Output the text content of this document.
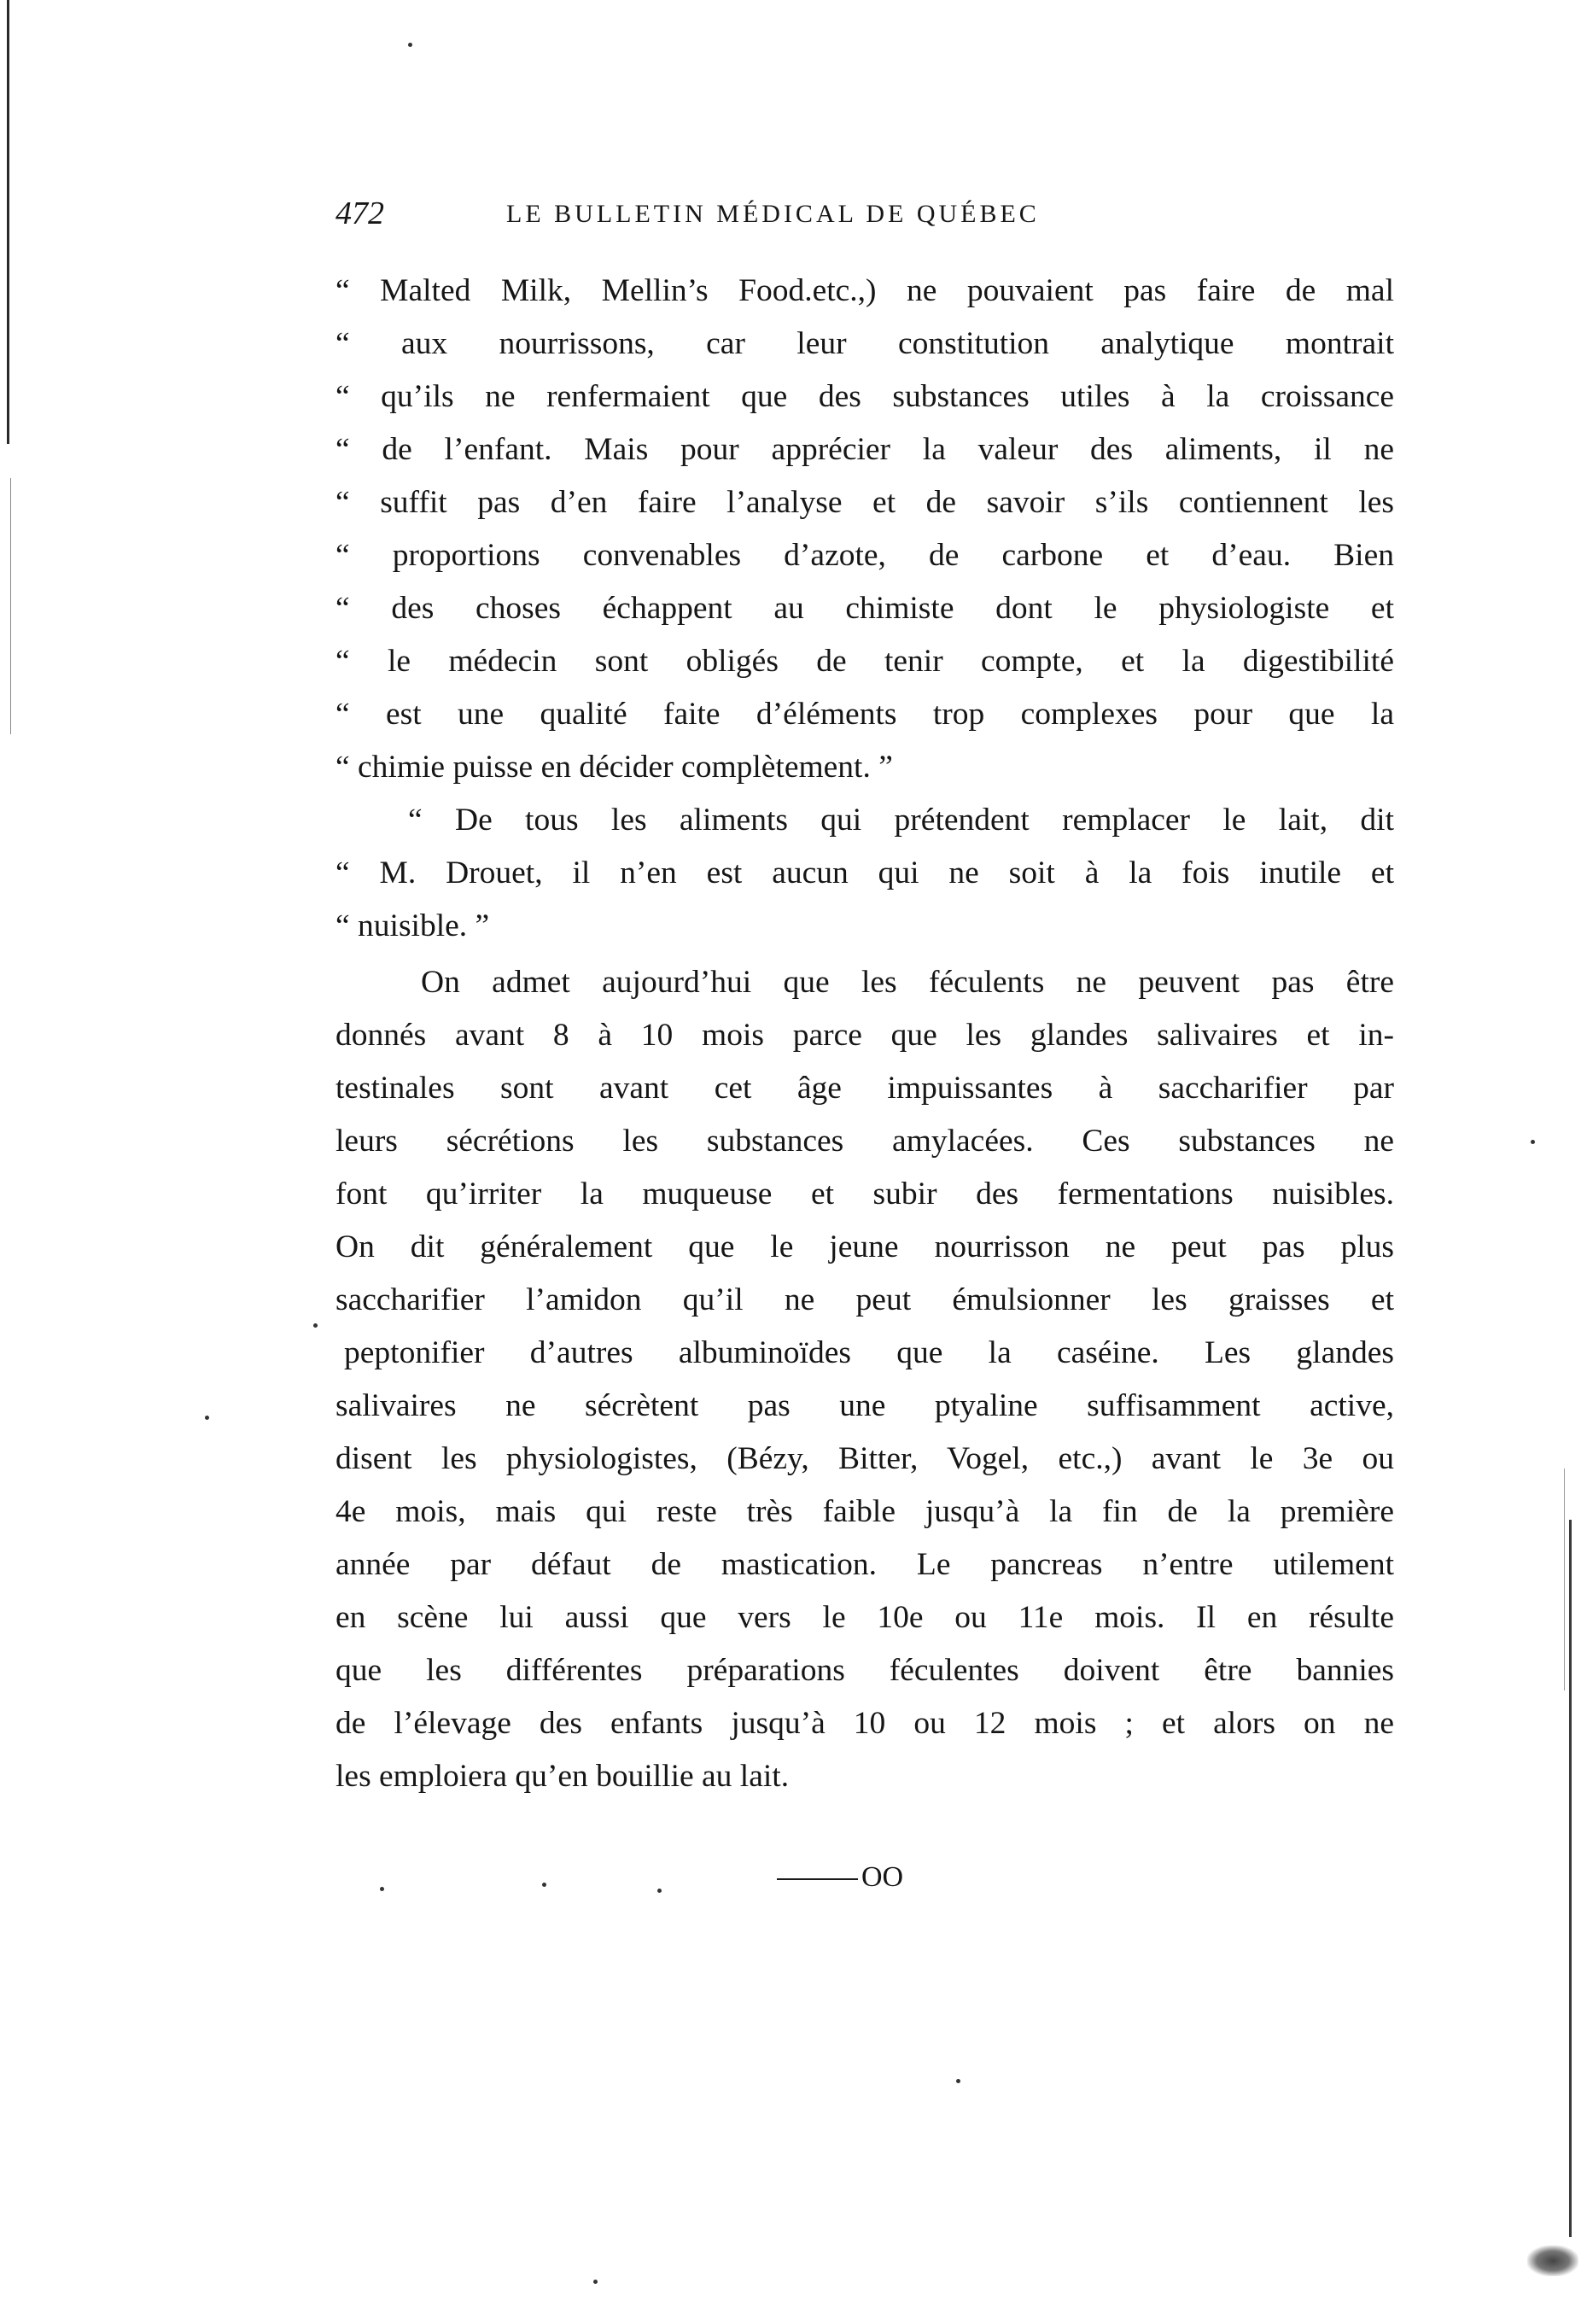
472	LE BULLETIN MÉDICAL DE QUÉBEC
“ Malted Milk, Mellin’s Food.etc.,) ne pouvaient pas faire de mal
“ aux nourrissons, car leur constitution analytique montrait
“ qu’ils ne renfermaient que des substances utiles à la croissance
“ de l’enfant. Mais pour apprécier la valeur des aliments, il ne
“ suffit pas d’en faire l’analyse et de savoir s’ils contiennent les
“ proportions convenables d’azote, de carbone et d’eau. Bien
“ des choses échappent au chimiste dont le physiologiste et
“ le médecin sont obligés de tenir compte, et la digestibilité
“ est une qualité faite d’éléments trop complexes pour que la
“ chimie puisse en décider complètement. ”
“ De tous les aliments qui prétendent remplacer le lait, dit
“ M. Drouet, il n’en est aucun qui ne soit à la fois inutile et
“ nuisible. ”
On admet aujourd’hui que les féculents ne peuvent pas être
donnés avant 8 à 10 mois parce que les glandes salivaires et in-
testinales sont avant cet âge impuissantes à saccharifier par
leurs sécrétions les substances amylacées. Ces substances ne
font qu’irriter la muqueuse et subir des fermentations nuisibles.
On dit généralement que le jeune nourrisson ne peut pas plus
saccharifier l’amidon qu’il ne peut émulsionner les graisses et
peptonifier d’autres albuminoïdes que la caséine. Les glandes
salivaires ne sécrètent pas une ptyaline suffisamment active,
disent les physiologistes, (Bézy, Bitter, Vogel, etc.,) avant le 3e ou
4e mois, mais qui reste très faible jusqu’à la fin de la première
année par défaut de mastication. Le pancreas n’entre utilement
en scène lui aussi que vers le 10e ou 11e mois. Il en résulte
que les différentes préparations féculentes doivent être bannies
de l’élevage des enfants jusqu’à 10 ou 12 mois ; et alors on ne
les emploiera qu’en bouillie au lait.
OO
